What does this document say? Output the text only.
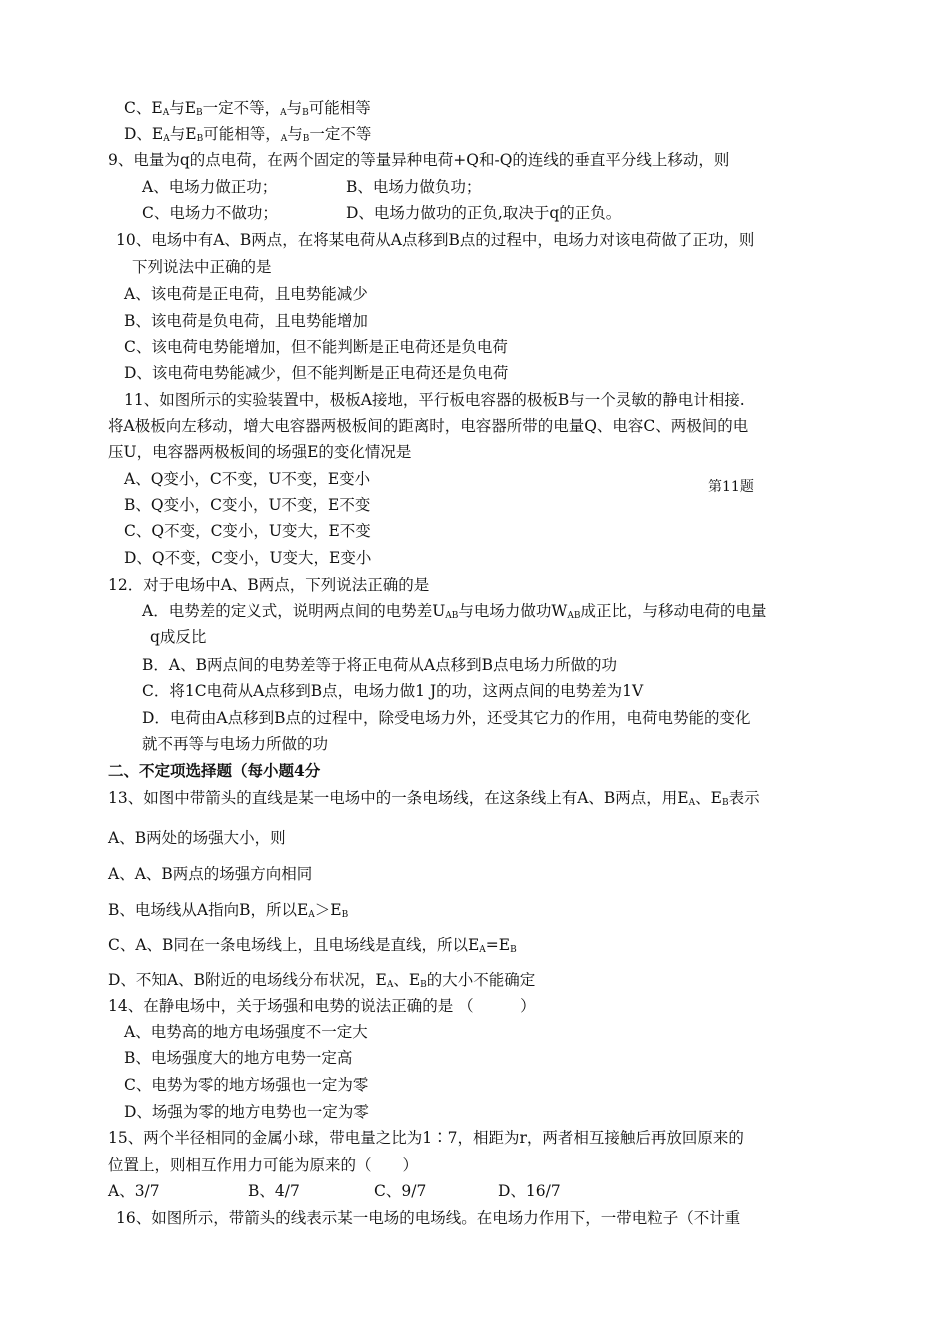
C、$E_A$与$E_B$一定不等，$_A$与$_B$可能相等
D、$E_A$与$E_B$可能相等，$_A$与$_B$一定不等
9、电量为q的点电荷，在两个固定的等量异种电荷+Q和-Q的连线的垂直平分线上移动，则
A、电场力做正功；	B、电场力做负功；
C、电场力不做功；	D、电场力做功的正负,取决于q的正负。
10、电场中有A、B两点，在将某电荷从A点移到B点的过程中，电场力对该电荷做了正功，则
下列说法中正确的是
A、该电荷是正电荷，且电势能减少
B、该电荷是负电荷，且电势能增加
C、该电荷电势能增加，但不能判断是正电荷还是负电荷
D、该电荷电势能减少，但不能判断是正电荷还是负电荷
11、如图所示的实验装置中，极板A接地，平行板电容器的极板B与一个灵敏的静电计相接.
将A极板向左移动，增大电容器两极板间的距离时，电容器所带的电量Q、电容C、两极间的电
压U，电容器两极板间的场强E的变化情况是
A、Q变小，C不变，U不变，E变小	第11题
B、Q变小，C变小，U不变，E不变
C、Q不变，C变小，U变大，E不变
D、Q不变，C变小，U变大，E变小
12．对于电场中A、B两点，下列说法正确的是
A．电势差的定义式，说明两点间的电势差$U_{AB}$与电场力做功$W_{AB}$成正比，与移动电荷的电量
q成反比
B．A、B两点间的电势差等于将正电荷从A点移到B点电场力所做的功
C．将1C电荷从A点移到B点，电场力做1 J的功，这两点间的电势差为1V
D．电荷由A点移到B点的过程中，除受电场力外，还受其它力的作用，电荷电势能的变化
就不再等与电场力所做的功
二、不定项选择题（每小题4分
13、如图中带箭头的直线是某一电场中的一条电场线，在这条线上有A、B两点，用$E_A$、$E_B$表示
A、B两处的场强大小，则
A、A、B两点的场强方向相同
B、电场线从A指向B，所以$E_A>E_B$
C、A、B同在一条电场线上，且电场线是直线，所以$E_A=E_B$
D、不知A、B附近的电场线分布状况，$E_A$、$E_B$的大小不能确定
14、在静电场中，关于场强和电势的说法正确的是 （　　　）
A、电势高的地方电场强度不一定大
B、电场强度大的地方电势一定高
C、电势为零的地方场强也一定为零
D、场强为零的地方电势也一定为零
15、两个半径相同的金属小球，带电量之比为1∶7，相距为r，两者相互接触后再放回原来的
位置上，则相互作用力可能为原来的（　　）
A、3/7	B、4/7	C、9/7	D、16/7
16、如图所示，带箭头的线表示某一电场的电场线。在电场力作用下，一带电粒子（不计重
